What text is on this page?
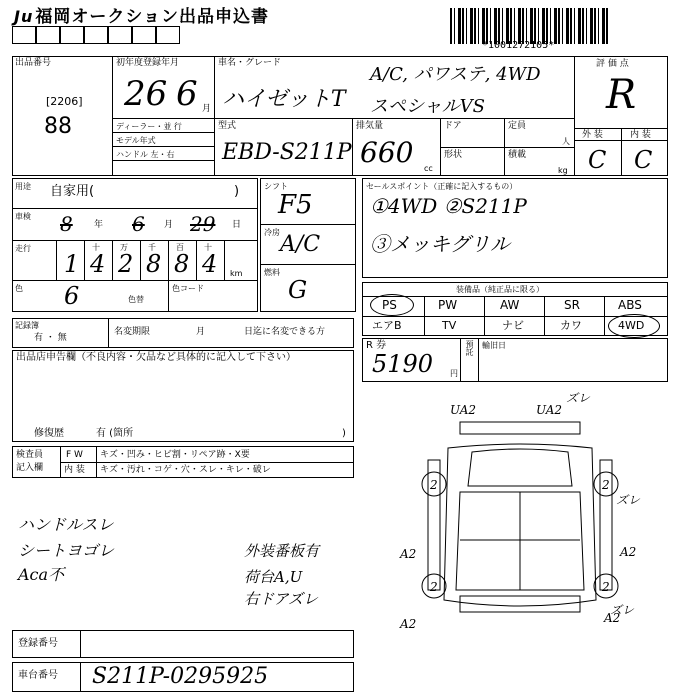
Ju 福岡オークション出品申込書
*1001272105*
出品番号
[2206]
88
初年度登録年月
26 6 月
ディーラー・並 行
モデル年式
ハンドル 左・右
車名・グレード
ハイゼットT
A/C, パワステ, 4WD
スペシャルVS
型式
EBD-S211P
排気量
660 cc
ドア
形状
定員
人
積載
kg
評 価 点
R
外 装	内 装
C C
用途 自家用(	)
車検 8 年 6 月 29 日
走行	十	万	千	百	十
1 4 2 8 8 4 km
色 6	色替
色コード
シフト
F5
冷房 A/C
燃料
G
セールスポイント（正確に記入するもの）
①4WD ②S211P
③メッキグリル
装備品（純正品に限る）
PS	PW	AW	SR	ABS
エアB	TV	ナビ	カワ	4WD
R 券
5190 円
預託 輸旧日
記録簿
有 ・ 無
名変期限	月	日迄に名変できる方
出品店申告欄（不良内容・欠品など具体的に記入して下さい）
修復歴	有 (箇所	)
検査員
記入欄
F W キズ・凹み・ヒビ割・リペア跡・X要
内 装 キズ・汚れ・コゲ・穴・スレ・キレ・破レ
ハンドルスレ
シートヨゴレ
Aca不
外装番板有
荷台A,U
右ドアズレ
UA2	UA2
ズレ
2	2
2	2
ズレ
A2	A2
A2	A2
ズレ
登録番号
車台番号 S211P-0295925
